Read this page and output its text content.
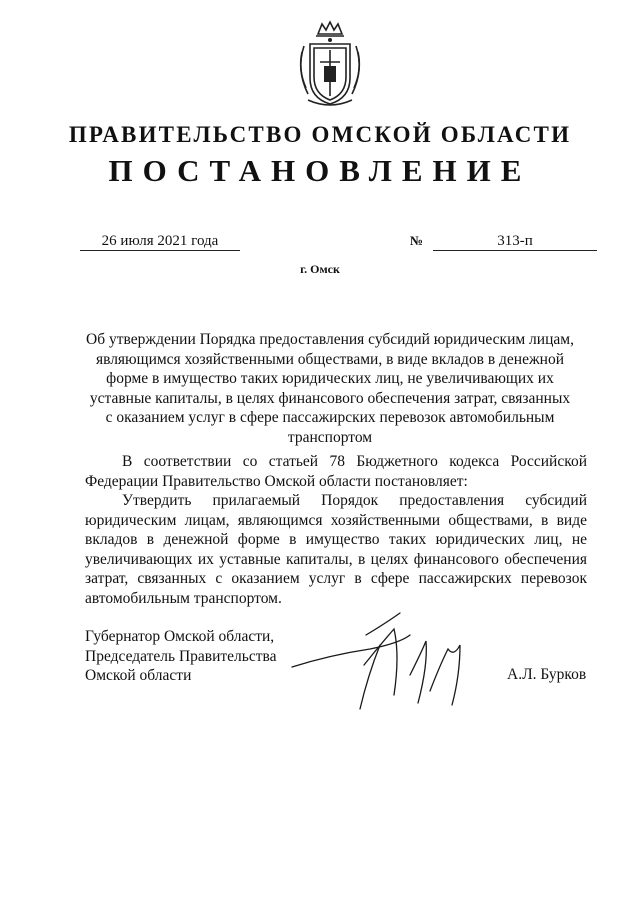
ПРАВИТЕЛЬСТВО ОМСКОЙ ОБЛАСТИ
ПОСТАНОВЛЕНИЕ
26 июля 2021 года	№	313-п
г. Омск
Об утверждении Порядка предоставления субсидий юридическим лицам, являющимся хозяйственными обществами, в виде вкладов в денежной форме в имущество таких юридических лиц, не увеличивающих их уставные капиталы, в целях финансового обеспечения затрат, связанных с оказанием услуг в сфере пассажирских перевозок автомобильным транспортом

В соответствии со статьей 78 Бюджетного кодекса Российской Федерации Правительство Омской области постановляет:

Утвердить прилагаемый Порядок предоставления субсидий юридическим лицам, являющимся хозяйственными обществами, в виде вкладов в денежной форме в имущество таких юридических лиц, не увеличивающих их уставные капиталы, в целях финансового обеспечения затрат, связанных с оказанием услуг в сфере пассажирских перевозок автомобильным транспортом.

Губернатор Омской области,
Председатель Правительства
Омской области	А.Л. Бурков
